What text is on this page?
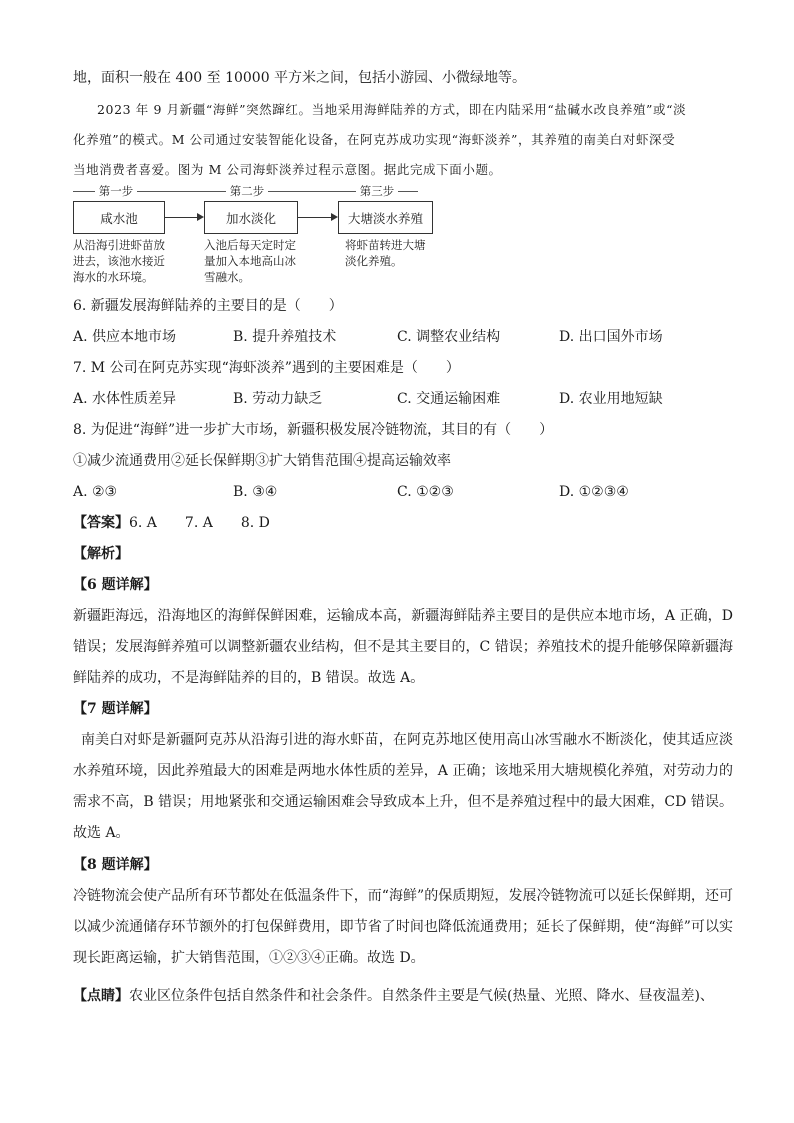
地，面积一般在 400 至 10000 平方米之间，包括小游园、小微绿地等。
2023 年 9 月新疆“海鲜”突然蹿红。当地采用海鲜陆养的方式，即在内陆采用“盐碱水改良养殖”或“淡
化养殖”的模式。M 公司通过安装智能化设备，在阿克苏成功实现“海虾淡养”，其养殖的南美白对虾深受
当地消费者喜爱。图为 M 公司海虾淡养过程示意图。据此完成下面小题。
第一步	第二步	第三步
咸水池	加水淡化	大塘淡水养殖
从沿海引进虾苗放
进去，该池水接近
海水的水环境。
入池后每天定时定
量加入本地高山冰
雪融水。
将虾苗转进大塘
淡化养殖。
6. 新疆发展海鲜陆养的主要目的是（　　）
A. 供应本地市场	B. 提升养殖技术	C. 调整农业结构	D. 出口国外市场
7. M 公司在阿克苏实现“海虾淡养”遇到的主要困难是（　　）
A. 水体性质差异	B. 劳动力缺乏	C. 交通运输困难	D. 农业用地短缺
8. 为促进“海鲜”进一步扩大市场，新疆积极发展冷链物流，其目的有（　　）
①减少流通费用②延长保鲜期③扩大销售范围④提高运输效率
A. ②③	B. ③④	C. ①②③	D. ①②③④
【答案】6. A　　7. A　　8. D
【解析】
【6 题详解】

新疆距海远，沿海地区的海鲜保鲜困难，运输成本高，新疆海鲜陆养主要目的是供应本地市场，A 正确，D 错误；发展海鲜养殖可以调整新疆农业结构，但不是其主要目的，C 错误；养殖技术的提升能够保障新疆海鲜陆养的成功，不是海鲜陆养的目的，B 错误。故选 A。

【7 题详解】

南美白对虾是新疆阿克苏从沿海引进的海水虾苗，在阿克苏地区使用高山冰雪融水不断淡化，使其适应淡水养殖环境，因此养殖最大的困难是两地水体性质的差异，A 正确；该地采用大塘规模化养殖，对劳动力的需求不高，B 错误；用地紧张和交通运输困难会导致成本上升，但不是养殖过程中的最大困难，CD 错误。故选 A。

【8 题详解】

冷链物流会使产品所有环节都处在低温条件下，而“海鲜”的保质期短，发展冷链物流可以延长保鲜期，还可以减少流通储存环节额外的打包保鲜费用，即节省了时间也降低流通费用；延长了保鲜期，使“海鲜”可以实现长距离运输，扩大销售范围，①②③④正确。故选 D。

【点睛】农业区位条件包括自然条件和社会条件。自然条件主要是气候(热量、光照、降水、昼夜温差)、
